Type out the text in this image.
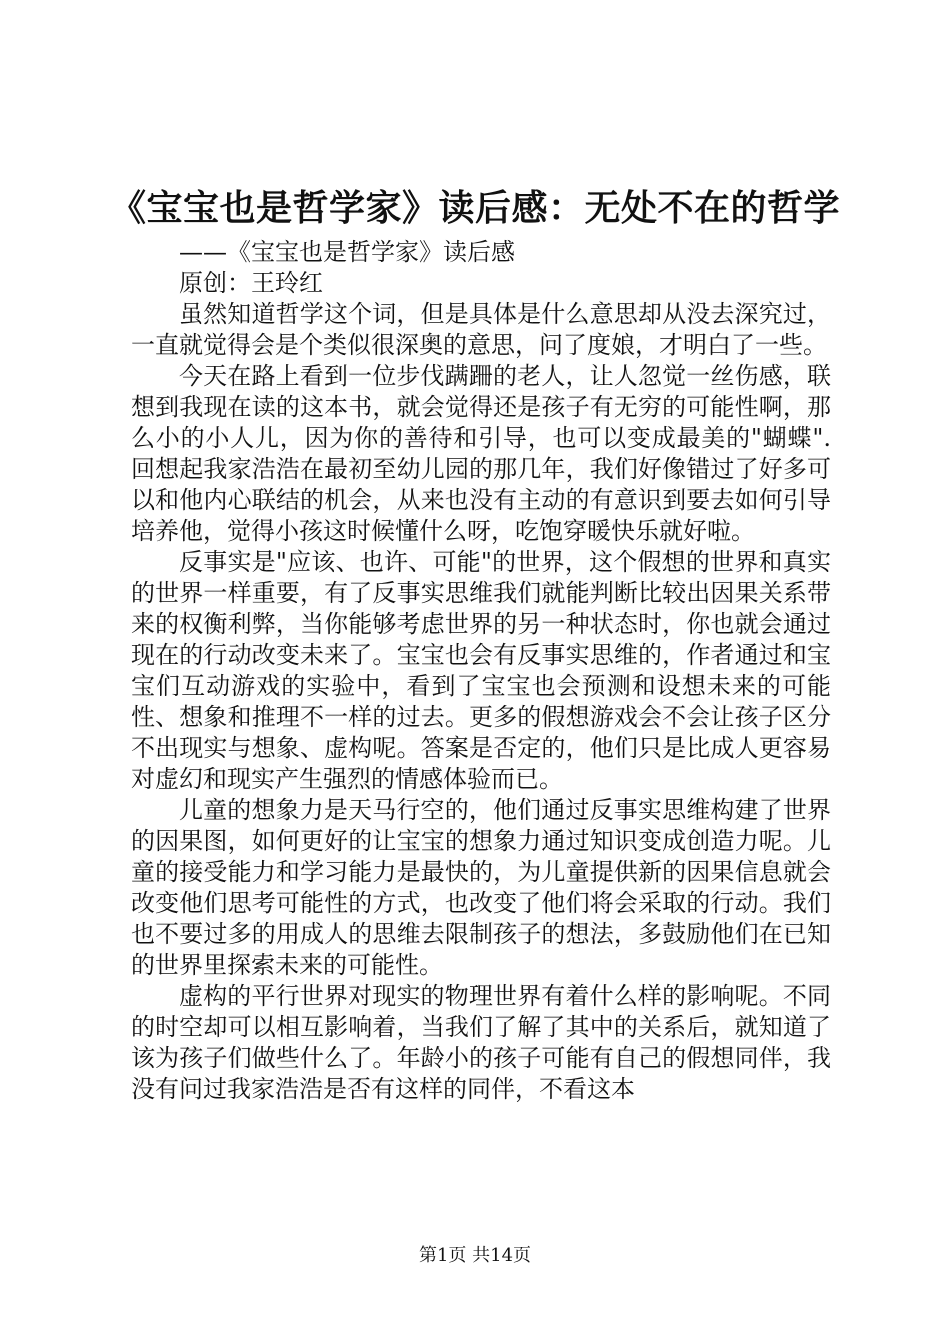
《宝宝也是哲学家》读后感：无处不在的哲学

——《宝宝也是哲学家》读后感

原创：王玲红

虽然知道哲学这个词，但是具体是什么意思却从没去深究过，一直就觉得会是个类似很深奥的意思，问了度娘，才明白了一些。

今天在路上看到一位步伐蹒跚的老人，让人忽觉一丝伤感，联想到我现在读的这本书，就会觉得还是孩子有无穷的可能性啊，那么小的小人儿，因为你的善待和引导，也可以变成最美的"蝴蝶".回想起我家浩浩在最初至幼儿园的那几年，我们好像错过了好多可以和他内心联结的机会，从来也没有主动的有意识到要去如何引导培养他，觉得小孩这时候懂什么呀，吃饱穿暖快乐就好啦。

反事实是"应该、也许、可能"的世界，这个假想的世界和真实的世界一样重要，有了反事实思维我们就能判断比较出因果关系带来的权衡利弊，当你能够考虑世界的另一种状态时，你也就会通过现在的行动改变未来了。宝宝也会有反事实思维的，作者通过和宝宝们互动游戏的实验中，看到了宝宝也会预测和设想未来的可能性、想象和推理不一样的过去。更多的假想游戏会不会让孩子区分不出现实与想象、虚构呢。答案是否定的，他们只是比成人更容易对虚幻和现实产生强烈的情感体验而已。

儿童的想象力是天马行空的，他们通过反事实思维构建了世界的因果图，如何更好的让宝宝的想象力通过知识变成创造力呢。儿童的接受能力和学习能力是最快的，为儿童提供新的因果信息就会改变他们思考可能性的方式，也改变了他们将会采取的行动。我们也不要过多的用成人的思维去限制孩子的想法，多鼓励他们在已知的世界里探索未来的可能性。

虚构的平行世界对现实的物理世界有着什么样的影响呢。不同的时空却可以相互影响着，当我们了解了其中的关系后，就知道了该为孩子们做些什么了。年龄小的孩子可能有自己的假想同伴，我没有问过我家浩浩是否有这样的同伴，不看这本

第1页 共14页
